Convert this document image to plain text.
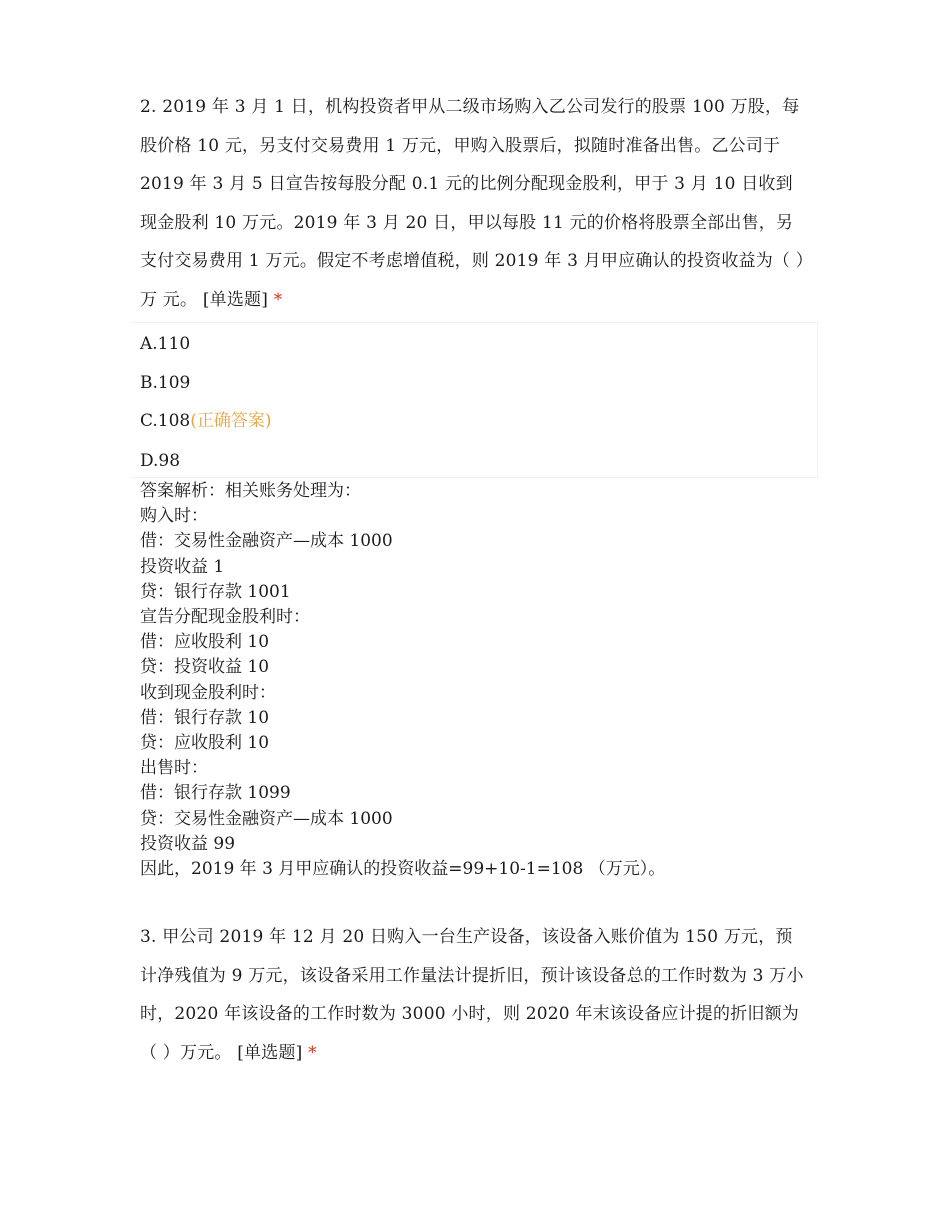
2. 2019 年 3 月 1 日，机构投资者甲从二级市场购入乙公司发行的股票 100 万股，每股价格 10 元，另支付交易费用 1 万元，甲购入股票后，拟随时准备出售。乙公司于 2019 年 3 月 5 日宣告按每股分配 0.1 元的比例分配现金股利，甲于 3 月 10 日收到现金股利 10 万元。2019 年 3 月 20 日，甲以每股 11 元的价格将股票全部出售，另支付交易费用 1 万元。假定不考虑增值税，则 2019 年 3 月甲应确认的投资收益为（ ）万 元。 [单选题] *
A.110
B.109
C.108(正确答案)
D.98
答案解析：相关账务处理为：
购入时：
借：交易性金融资产—成本 1000
投资收益 1
贷：银行存款 1001
宣告分配现金股利时：
借：应收股利 10
贷：投资收益 10
收到现金股利时：
借：银行存款 10
贷：应收股利 10
出售时：
借：银行存款 1099
贷：交易性金融资产—成本 1000
投资收益 99
因此，2019 年 3 月甲应确认的投资收益=99+10-1=108 （万元）。
3. 甲公司 2019 年 12 月 20 日购入一台生产设备，该设备入账价值为 150 万元，预计净残值为 9 万元，该设备采用工作量法计提折旧，预计该设备总的工作时数为 3 万小时，2020 年该设备的工作时数为 3000 小时，则 2020 年末该设备应计提的折旧额为（ ）万元。 [单选题] *
